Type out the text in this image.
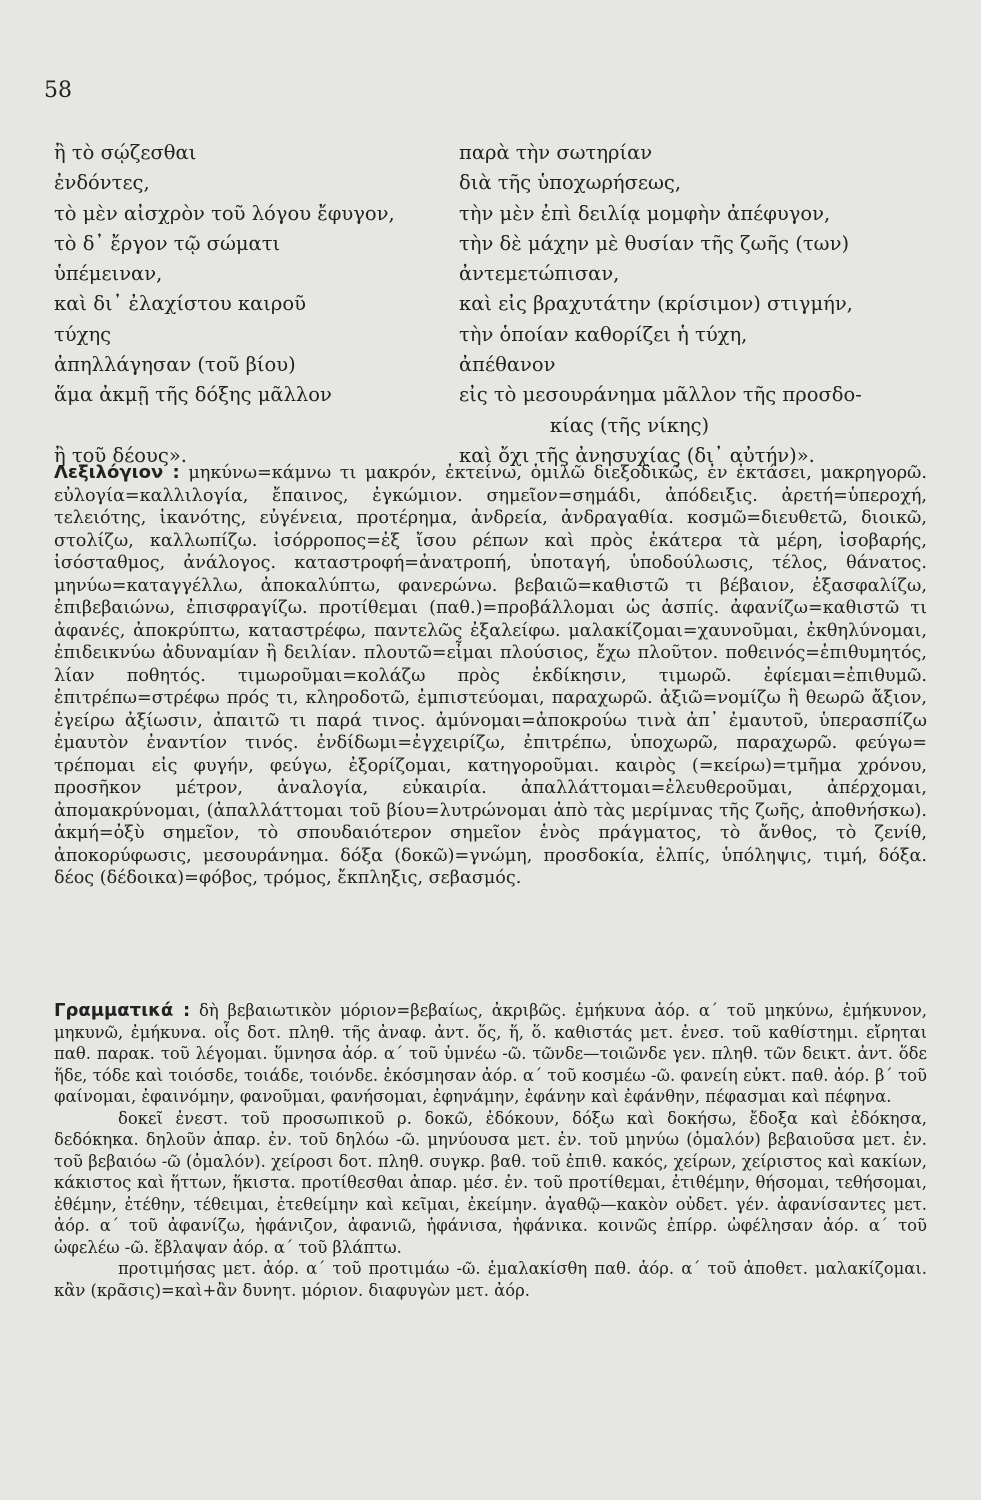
58
ἢ τὸ σῴζεσθαι	παρὰ τὴν σωτηρίαν
ἐνδόντες,	διὰ τῆς ὑποχωρήσεως,
τὸ μὲν αἰσχρὸν τοῦ λόγου ἔφυγον,	τὴν μὲν ἐπὶ δειλίᾳ μομφὴν ἀπέφυγον,
τὸ δ᾿ ἔργον τῷ σώματι	τὴν δὲ μάχην μὲ θυσίαν τῆς ζωῆς (των)
ὑπέμειναν,	ἀντεμετώπισαν,
καὶ δι᾿ ἐλαχίστου καιροῦ	καὶ εἰς βραχυτάτην (κρίσιμον) στιγμήν,
τύχης	τὴν ὁποίαν καθορίζει ἡ τύχη,
ἀπηλλάγησαν (τοῦ βίου)	ἀπέθανον
ἅμα ἀκμῇ τῆς δόξης μᾶλλον	εἰς τὸ μεσουράνημα μᾶλλον τῆς προσδο-
κίας (τῆς νίκης)
ἢ τοῦ δέους».	καὶ ὄχι τῆς ἀνησυχίας (δι᾿ αὐτήν)».
Λεξιλόγιον : μηκύνω=κάμνω τι μακρόν, ἐκτείνω, ὁμιλῶ διεξοδικῶς, ἐν ἐκτάσει, μακρηγορῶ. εὐλογία=καλλιλογία, ἔπαινος, ἐγκώμιον. σημεῖον=σημάδι, ἀπόδειξις. ἀρετή=ὑπεροχή, τελειότης, ἱκανότης, εὐγένεια, προτέρημα, ἀνδρεία, ἀνδραγαθία. κοσμῶ=διευθετῶ, διοικῶ, στολίζω, καλλωπίζω. ἰσόρροπος=ἐξ ἴσου ρέπων καὶ πρὸς ἑκάτερα τὰ μέρη, ἰσοβαρής, ἰσόσταθμος, ἀνάλογος. καταστροφή=ἀνατροπή, ὑποταγή, ὑποδούλωσις, τέλος, θάνατος. μηνύω=καταγγέλλω, ἀποκαλύπτω, φανερώνω. βεβαιῶ=καθιστῶ τι βέβαιον, ἐξασφαλίζω, ἐπιβεβαιώνω, ἐπισφραγίζω. προτίθεμαι (παθ.)=προβάλλομαι ὡς ἀσπίς. ἀφανίζω=καθιστῶ τι ἀφανές, ἀποκρύπτω, καταστρέφω, παντελῶς ἐξαλείφω. μαλακίζομαι=χαυνοῦμαι, ἐκθηλύνομαι, ἐπιδεικνύω ἀδυναμίαν ἢ δειλίαν. πλουτῶ=εἶμαι πλούσιος, ἔχω πλοῦτον. ποθεινός=ἐπιθυμητός, λίαν ποθητός. τιμωροῦμαι=κολάζω πρὸς ἐκδίκησιν, τιμωρῶ. ἐφίεμαι=ἐπιθυμῶ. ἐπιτρέπω=στρέφω πρός τι, κληροδοτῶ, ἐμπιστεύομαι, παραχωρῶ. ἀξιῶ=νομίζω ἢ θεωρῶ ἄξιον, ἐγείρω ἀξίωσιν, ἀπαιτῶ τι παρά τινος. ἀμύνομαι=ἀποκρούω τινὰ ἀπ᾿ ἐμαυτοῦ, ὑπερασπίζω ἐμαυτὸν ἐναντίον τινός. ἐνδίδωμι=ἐγχειρίζω, ἐπιτρέπω, ὑποχωρῶ, παραχωρῶ. φεύγω= τρέπομαι εἰς φυγήν, φεύγω, ἐξορίζομαι, κατηγοροῦμαι. καιρὸς (=κείρω)=τμῆμα χρόνου, προσῆκον μέτρον, ἀναλογία, εὐκαιρία. ἀπαλλάττομαι=ἐλευθεροῦμαι, ἀπέρχομαι, ἀπομακρύνομαι, (ἀπαλλάττομαι τοῦ βίου=λυτρώνομαι ἀπὸ τὰς μερίμνας τῆς ζωῆς, ἀποθνήσκω). ἀκμή=ὀξὺ σημεῖον, τὸ σπουδαιότερον σημεῖον ἑνὸς πράγματος, τὸ ἄνθος, τὸ ζενίθ, ἀποκορύφωσις, μεσουράνημα. δόξα (δοκῶ)=γνώμη, προσδοκία, ἐλπίς, ὑπόληψις, τιμή, δόξα. δέος (δέδοικα)=φόβος, τρόμος, ἔκπληξις, σεβασμός.

Γραμματικά : δὴ βεβαιωτικὸν μόριον=βεβαίως, ἀκριβῶς. ἐμήκυνα ἀόρ. α΄ τοῦ μηκύνω, ἐμήκυνον, μηκυνῶ, ἐμήκυνα. οἷς δοτ. πληθ. τῆς ἀναφ. ἀντ. ὅς, ἥ, ὅ. καθιστάς μετ. ἐνεσ. τοῦ καθίστημι. εἴρηται παθ. παρακ. τοῦ λέγομαι. ὕμνησα ἀόρ. α΄ τοῦ ὑμνέω -ῶ. τῶνδε—τοιῶνδε γεν. πληθ. τῶν δεικτ. ἀντ. ὅδε ἥδε, τόδε καὶ τοιόσδε, τοιάδε, τοιόνδε. ἐκόσμησαν ἀόρ. α΄ τοῦ κοσμέω -ῶ. φανείη εὐκτ. παθ. ἀόρ. β΄ τοῦ φαίνομαι, ἐφαινόμην, φανοῦμαι, φανήσομαι, ἐφηνάμην, ἐφάνην καὶ ἐφάνθην, πέφασμαι καὶ πέφηνα.

δοκεῖ ἐνεστ. τοῦ προσωπικοῦ ρ. δοκῶ, ἐδόκουν, δόξω καὶ δοκήσω, ἔδοξα καὶ ἐδόκησα, δεδόκηκα. δηλοῦν ἀπαρ. ἐν. τοῦ δηλόω -ῶ. μηνύουσα μετ. ἐν. τοῦ μηνύω (ὁμαλόν) βεβαιοῦσα μετ. ἐν. τοῦ βεβαιόω -ῶ (ὁμαλόν). χείροσι δοτ. πληθ. συγκρ. βαθ. τοῦ ἐπιθ. κακός, χείρων, χείριστος καὶ κακίων, κάκιστος καὶ ἥττων, ἥκιστα. προτίθεσθαι ἀπαρ. μέσ. ἐν. τοῦ προτίθεμαι, ἐτιθέμην, θήσομαι, τεθήσομαι, ἐθέμην, ἐτέθην, τέθειμαι, ἐτεθείμην καὶ κεῖμαι, ἐκείμην. ἀγαθῷ—κακὸν οὐδετ. γέν. ἀφανίσαντες μετ. ἀόρ. α΄ τοῦ ἀφανίζω, ἠφάνιζον, ἀφανιῶ, ἠφάνισα, ἠφάνικα. κοινῶς ἐπίρρ. ὠφέλησαν ἀόρ. α΄ τοῦ ὠφελέω -ῶ. ἔβλαψαν ἀόρ. α΄ τοῦ βλάπτω.

προτιμήσας μετ. ἀόρ. α΄ τοῦ προτιμάω -ῶ. ἐμαλακίσθη παθ. ἀόρ. α΄ τοῦ ἀποθετ. μαλακίζομαι. κἂν (κρᾶσις)=καὶ+ἂν δυνητ. μόριον. διαφυγὼν μετ. ἀόρ.
